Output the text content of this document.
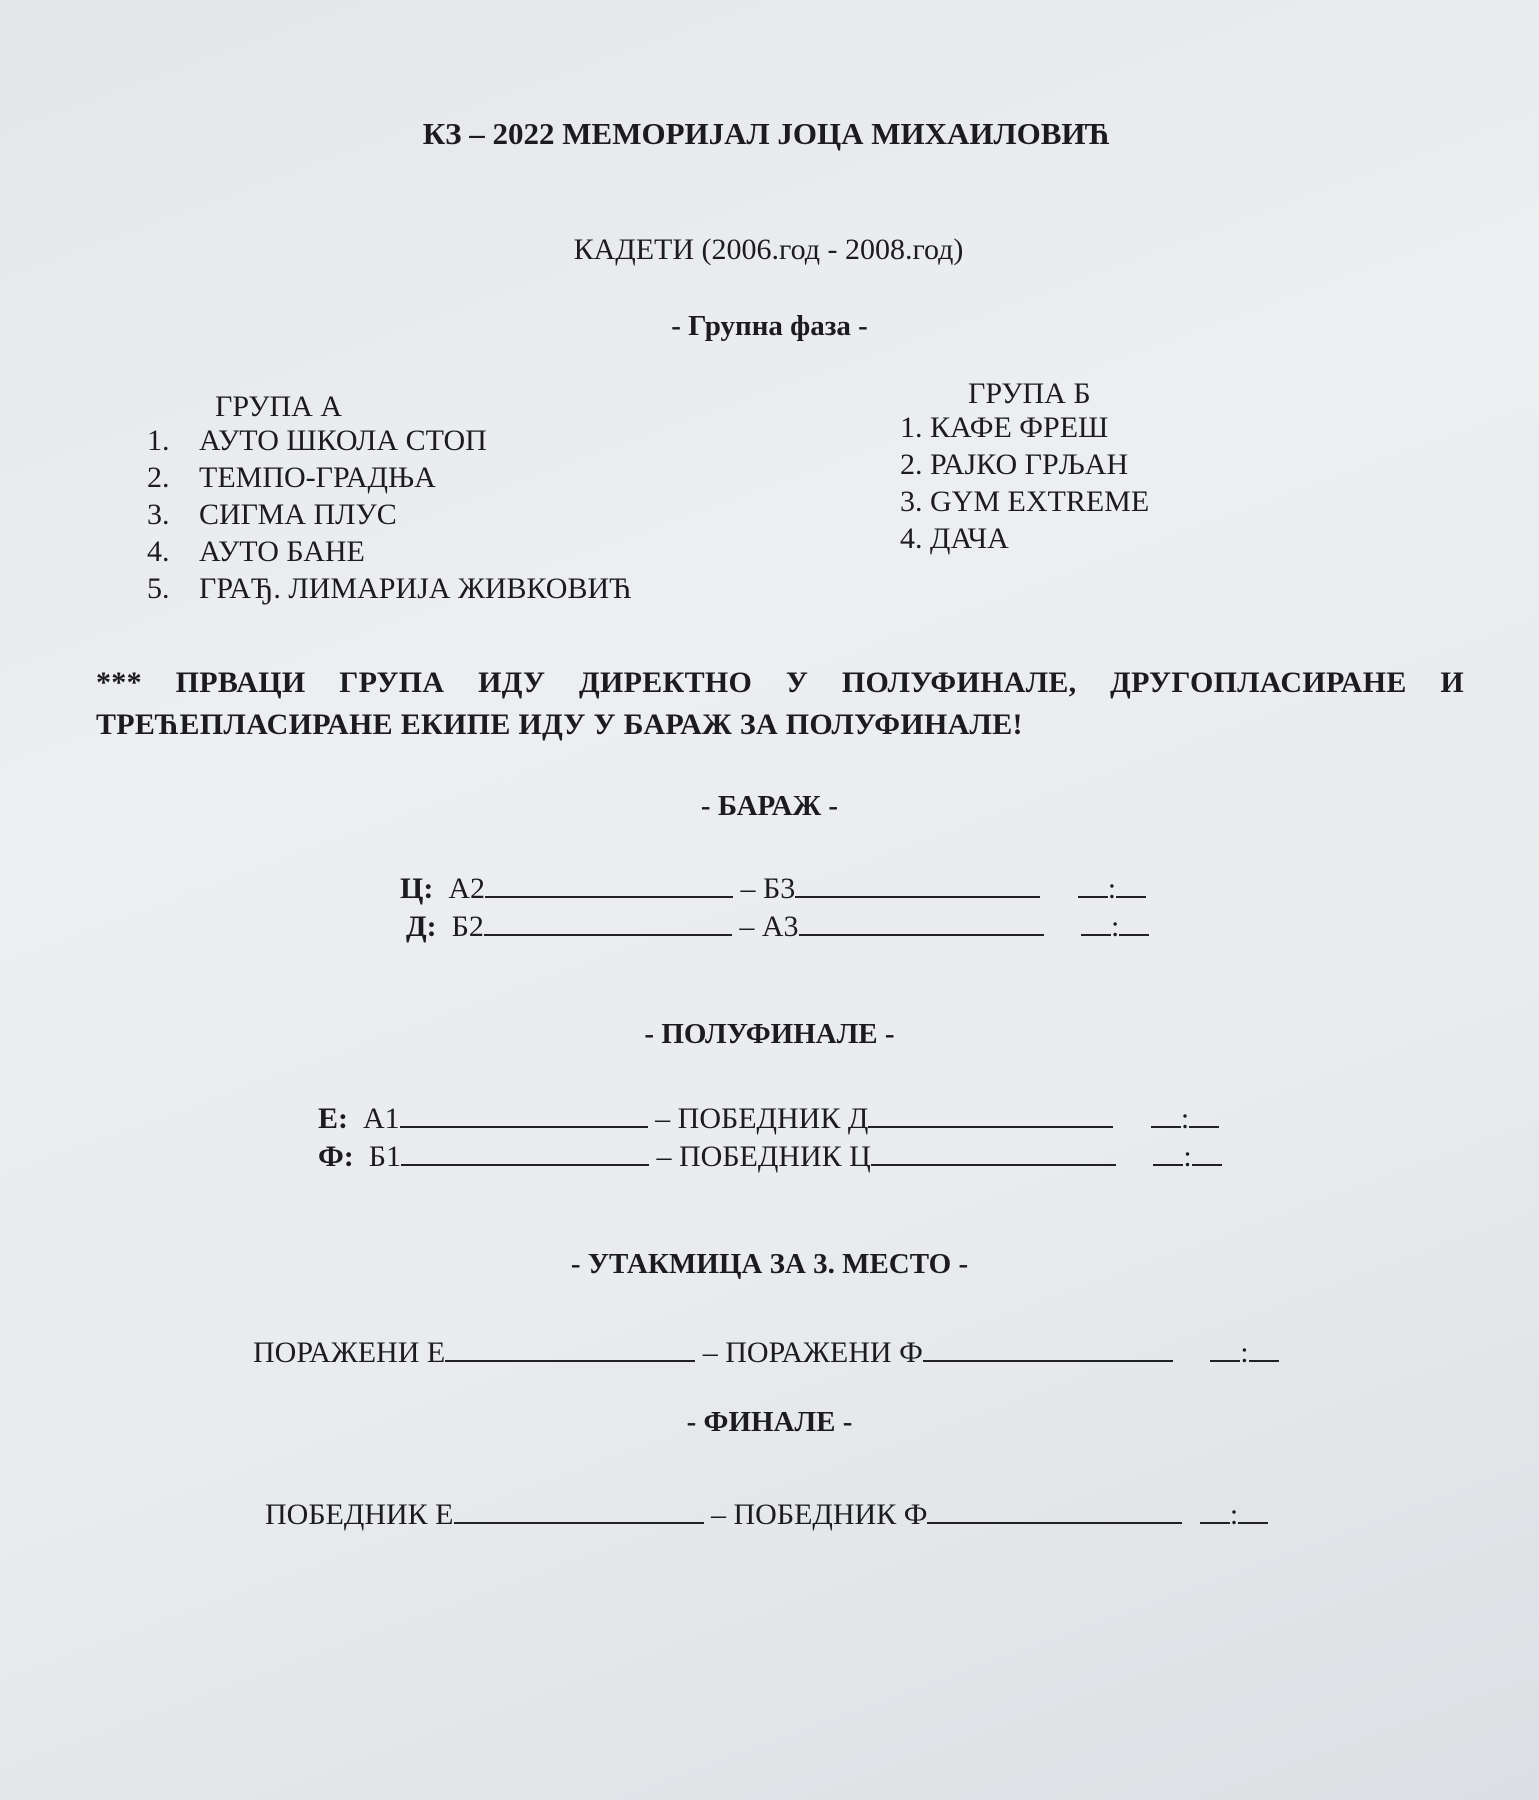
КЗ – 2022 МЕМОРИЈАЛ ЈОЦА МИХАИЛОВИЋ
КАДЕТИ (2006.год - 2008.год)
- Групна фаза -
ГРУПА А
1. АУТО ШКОЛА СТОП
2. ТЕМПО-ГРАДЊА
3. СИГМА ПЛУС
4. АУТО БАНЕ
5. ГРАЂ. ЛИМАРИЈА ЖИВКОВИЋ
ГРУПА Б
1. КАФЕ ФРЕШ
2. РАЈКО ГРЉАН
3. GYM EXTREME
4. ДАЧА
*** ПРВАЦИ ГРУПА ИДУ ДИРЕКТНО У ПОЛУФИНАЛЕ, ДРУГОПЛАСИРАНЕ И ТРЕЋЕПЛАСИРАНЕ ЕКИПЕ ИДУ У БАРАЖ ЗА ПОЛУФИНАЛЕ!
- БАРАЖ -
Ц: А2	– Б3	:
Д: Б2	– А3	:
- ПОЛУФИНАЛЕ -
Е: А1	– ПОБЕДНИК Д	:
Ф: Б1	– ПОБЕДНИК Ц	:
- УТАКМИЦА ЗА 3. МЕСТО -
ПОРАЖЕНИ Е	– ПОРАЖЕНИ Ф	:
- ФИНАЛЕ -
ПОБЕДНИК Е	– ПОБЕДНИК Ф	:
